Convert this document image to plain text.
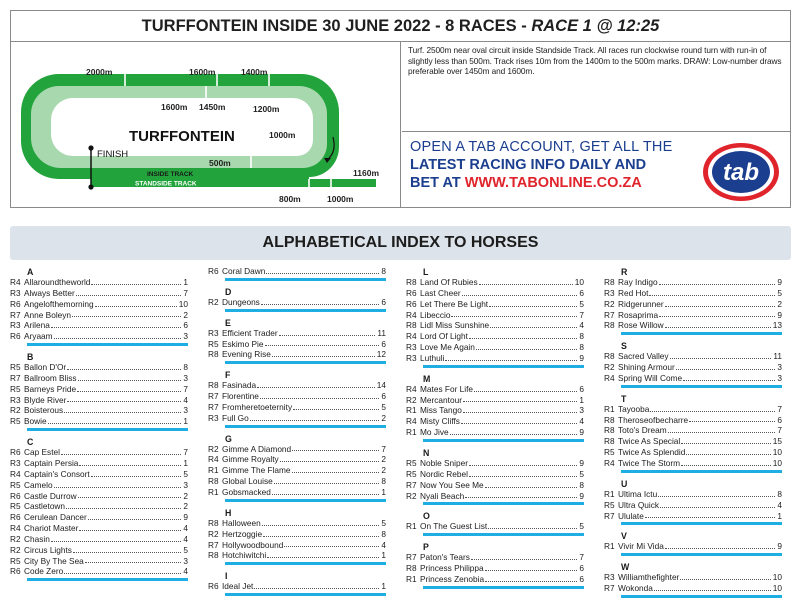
TURFFONTEIN INSIDE 30 JUNE 2022 - 8 RACES - RACE 1 @ 12:25
2000m	1600m	1400m
1600m 1450m	1200m
1000m
500m
1160m
800m	1000m
TURFFONTEIN
FINISH
INSIDE TRACK
STANDSIDE TRACK
Turf. 2500m near oval circuit inside Standside Track. All races run clockwise round turn with run-in of slightly less than 500m. Track rises 10m from the 1400m to the 500m marks. DRAW: Low-number draws preferable over 1450m and 1600m.
OPEN A TAB ACCOUNT, GET ALL THE
LATEST RACING INFO DAILY AND
BET AT WWW.TABONLINE.CO.ZA	tab
ALPHABETICAL INDEX TO HORSES
A
R4 Allaroundtheworld	1
R3 Always Better	7
R6 Angelofthemorning	10
R7 Anne Boleyn	2
R3 Arilena	6
R6 Aryaam	3
B
R5 Ballon D'Or	8
R7 Ballroom Bliss	3
R5 Barneys Pride	7
R3 Blyde River	4
R2 Boisterous	3
R5 Bowie	1
C
R6 Cap Estel	7
R3 Captain Persia	1
R4 Captain's Consort	5
R5 Camelo	3
R6 Castle Durrow	2
R5 Castletown	2
R6 Cerulean Dancer	9
R4 Chariot Master	4
R2 Chasin	4
R2 Circus Lights	5
R5 City By The Sea	3
R6 Code Zero	4
R6 Coral Dawn	8
D
R2 Dungeons	6
E
R3 Efficient Trader	11
R5 Eskimo Pie	6
R8 Evening Rise	12
F
R8 Fasinada	14
R7 Florentine	6
R7 Fromheretoeternity	5
R3 Full Go	2
G
R2 Gimme A Diamond	7
R4 Gimme Royalty	2
R1 Gimme The Flame	2
R8 Global Louise	8
R1 Gobsmacked	1
H
R8 Halloween	5
R2 Hertzoggie	8
R7 Hollywoodbound	4
R8 Hotchiwitchi	1
I
R6 Ideal Jet	1
L
R8 Land Of Rubies	10
R6 Last Cheer	6
R6 Let There Be Light	5
R4 Libeccio	7
R8 Lidl Miss Sunshine	4
R4 Lord Of Light	8
R3 Love Me Again	8
R3 Luthuli	9
M
R4 Mates For Life	6
R2 Mercantour	1
R1 Miss Tango	3
R4 Misty Cliffs	4
R1 Mo Jive	9
N
R5 Noble Sniper	9
R5 Nordic Rebel	5
R7 Now You See Me	8
R2 Nyali Beach	9
O
R1 On The Guest List	5
P
R7 Paton's Tears	7
R8 Princess Philippa	6
R1 Princess Zenobia	6
R
R8 Ray Indigo	9
R3 Red Hot	5
R2 Ridgerunner	2
R7 Rosaprima	9
R8 Rose Willow	13
S
R8 Sacred Valley	11
R2 Shining Armour	3
R4 Spring Will Come	3
T
R1 Tayooba	7
R8 Theroseofbecharre	6
R8 Toto's Dream	7
R8 Twice As Special	15
R5 Twice As Splendid	10
R4 Twice The Storm	10
U
R1 Ultima Ictu	8
R5 Ultra Quick	4
R7 Ululate	1
V
R1 Vivir Mi Vida	9
W
R3 Williamthefighter	10
R7 Wokonda	10
